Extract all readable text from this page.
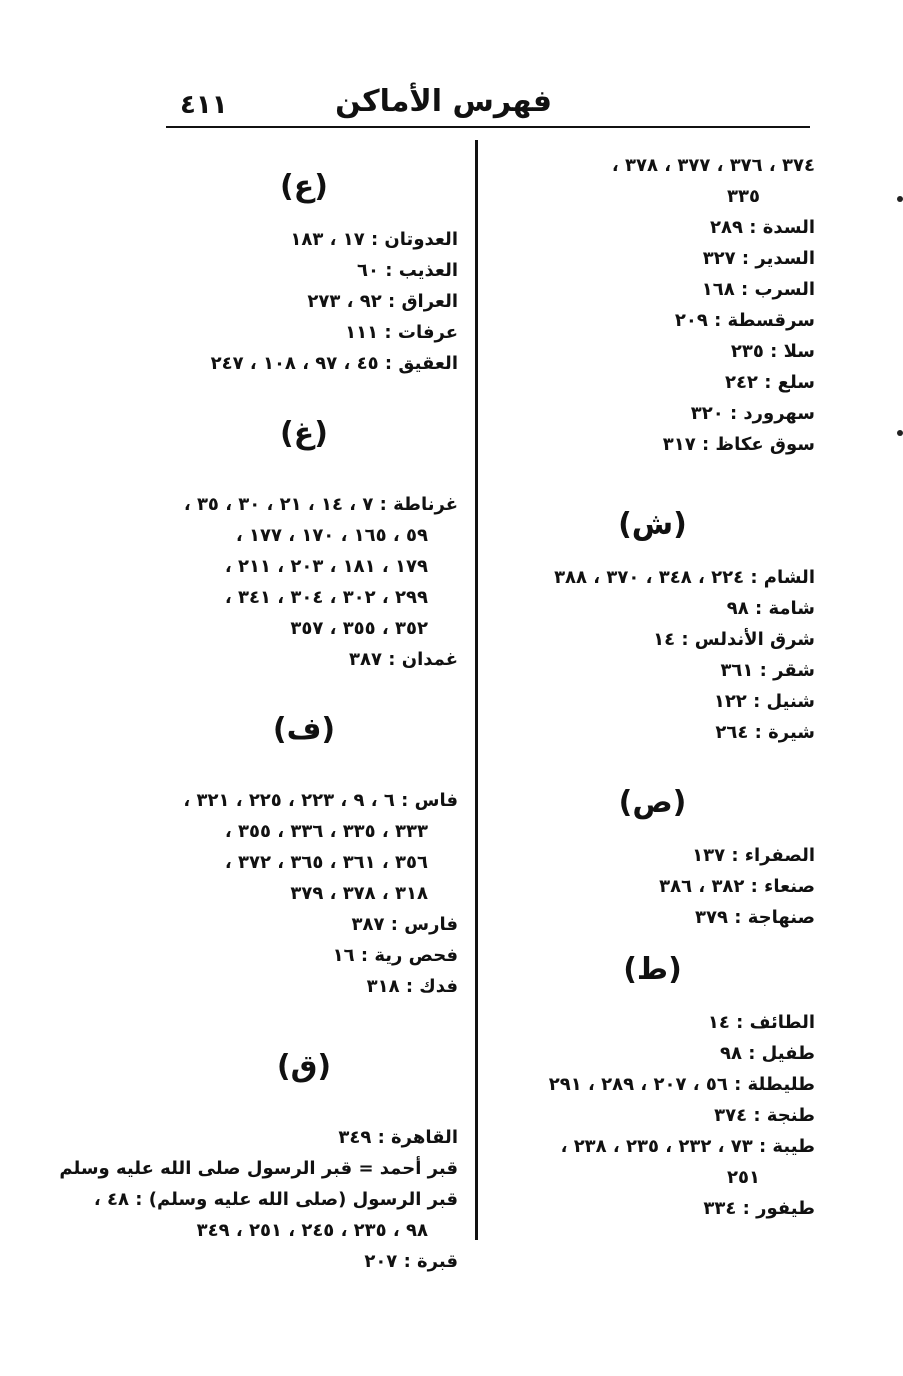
٤١١	فهرس الأماكن
٣٧٤ ، ٣٧٦ ، ٣٧٧ ، ٣٧٨ ،
٣٣٥
السدة : ٢٨٩
السدير : ٣٢٧
السرب : ١٦٨
سرقسطة : ٢٠٩
سلا : ٢٣٥
سلع : ٢٤٢
سهرورد : ٣٢٠
سوق عكاظ : ٣١٧
(ش)
الشام : ٢٢٤ ، ٣٤٨ ، ٣٧٠ ، ٣٨٨
شامة : ٩٨
شرق الأندلس : ١٤
شقر : ٣٦١
شنيل : ١٢٢
شيرة : ٢٦٤
(ص)
الصفراء : ١٣٧
صنعاء : ٣٨٢ ، ٣٨٦
صنهاجة : ٣٧٩
(ط)
الطائف : ١٤
طفيل : ٩٨
طليطلة : ٥٦ ، ٢٠٧ ، ٢٨٩ ، ٢٩١
طنجة : ٣٧٤
طيبة : ٧٣ ، ٢٣٢ ، ٢٣٥ ، ٢٣٨ ،
٢٥١
طيفور : ٣٣٤
(ع)
العدوتان : ١٧ ، ١٨٣
العذيب : ٦٠
العراق : ٩٢ ، ٢٧٣
عرفات : ١١١
العقيق : ٤٥ ، ٩٧ ، ١٠٨ ، ٢٤٧
(غ)
غرناطة : ٧ ، ١٤ ، ٢١ ، ٣٠ ، ٣٥ ،
٥٩ ، ١٦٥ ، ١٧٠ ، ١٧٧ ،
١٧٩ ، ١٨١ ، ٢٠٣ ، ٢١١ ،
٢٩٩ ، ٣٠٢ ، ٣٠٤ ، ٣٤١ ،
٣٥٢ ، ٣٥٥ ، ٣٥٧
غمدان : ٣٨٧
(ف)
فاس : ٦ ، ٩ ، ٢٢٣ ، ٢٢٥ ، ٣٢١ ،
٣٣٣ ، ٣٣٥ ، ٣٣٦ ، ٣٥٥ ،
٣٥٦ ، ٣٦١ ، ٣٦٥ ، ٣٧٢ ،
٣١٨ ، ٣٧٨ ، ٣٧٩
فارس : ٣٨٧
فحص رية : ١٦
فدك : ٣١٨
(ق)
القاهرة : ٣٤٩
قبر أحمد = قبر الرسول صلى الله عليه وسلم
قبر الرسول (صلى الله عليه وسلم) : ٤٨ ،
٩٨ ، ٢٣٥ ، ٢٤٥ ، ٢٥١ ، ٣٤٩
قبرة : ٢٠٧
